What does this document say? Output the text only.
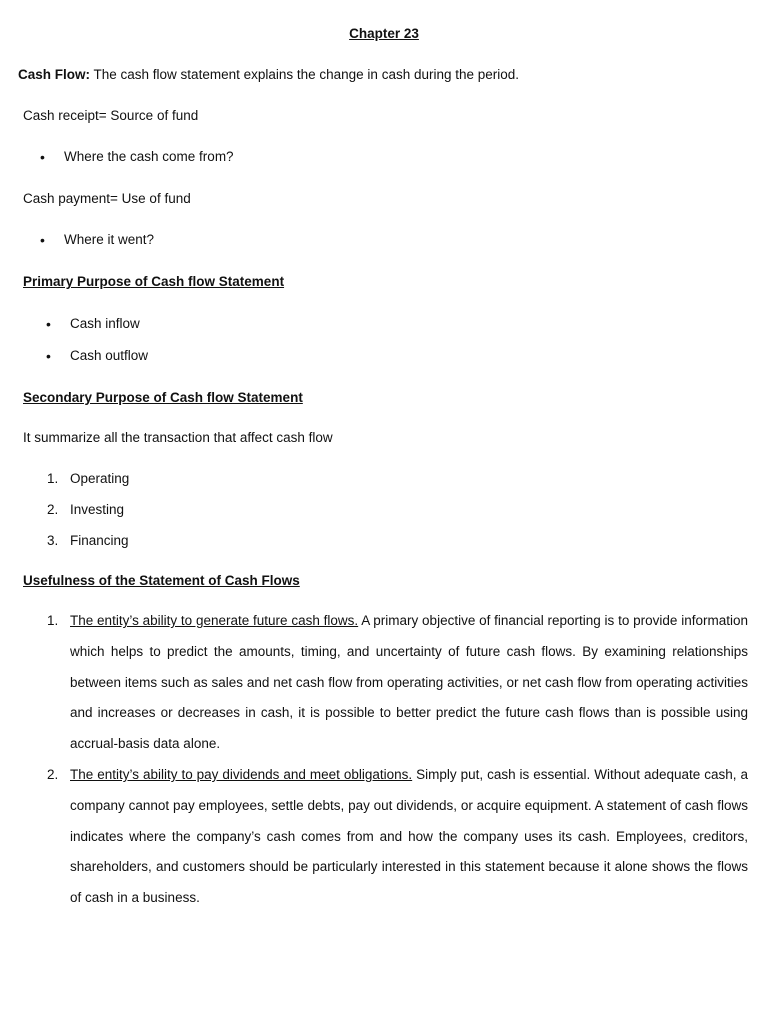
Chapter 23
Cash Flow: The cash flow statement explains the change in cash during the period.
Cash receipt= Source of fund
• Where the cash come from?
Cash payment= Use of fund
• Where it went?
Primary Purpose of Cash flow Statement
• Cash inflow
• Cash outflow
Secondary Purpose of Cash flow Statement
It summarize all the transaction that affect cash flow
1. Operating
2. Investing
3. Financing
Usefulness of the Statement of Cash Flows
1. The entity’s ability to generate future cash flows. A primary objective of financial reporting is to provide information which helps to predict the amounts, timing, and uncertainty of future cash flows. By examining relationships between items such as sales and net cash flow from operating activities, or net cash flow from operating activities and increases or decreases in cash, it is possible to better predict the future cash flows than is possible using accrual-basis data alone.
2. The entity’s ability to pay dividends and meet obligations. Simply put, cash is essential. Without adequate cash, a company cannot pay employees, settle debts, pay out dividends, or acquire equipment. A statement of cash flows indicates where the company’s cash comes from and how the company uses its cash. Employees, creditors, shareholders, and customers should be particularly interested in this statement because it alone shows the flows of cash in a business.
